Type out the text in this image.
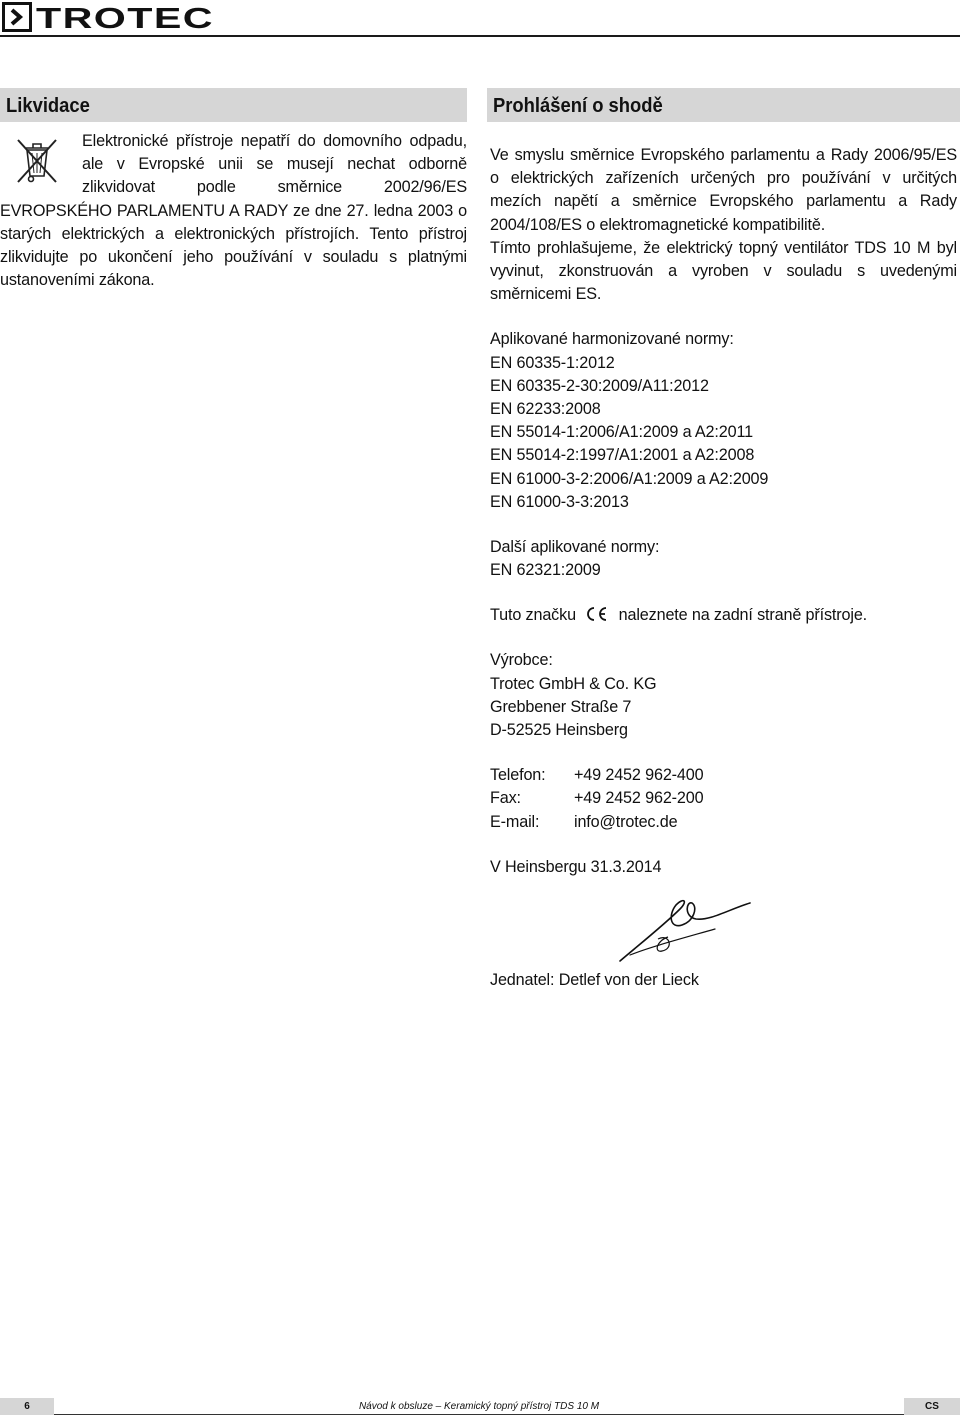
TROTEC
Likvidace

Elektronické přístroje nepatří do domovního odpadu, ale v Evropské unii se musejí nechat odborně zlikvidovat podle směrnice 2002/96/ES EVROPSKÉHO PARLAMENTU A RADY ze dne 27. ledna 2003 o starých elektrických a elektronických přístrojích. Tento přístroj zlikvidujte po ukončení jeho používání v souladu s platnými ustanoveními zákona.

Prohlášení o shodě

Ve smyslu směrnice Evropského parlamentu a Rady 2006/95/ES o elektrických zařízeních určených pro používání v určitých mezích napětí a směrnice Evropského parlamentu a Rady 2004/108/ES o elektromagnetické kompatibilitě.

Tímto prohlašujeme, že elektrický topný ventilátor TDS 10 M byl vyvinut, zkonstruován a vyroben v souladu s uvedenými směrnicemi ES.

Aplikované harmonizované normy:
EN 60335-1:2012
EN 60335-2-30:2009/A11:2012
EN 62233:2008
EN 55014-1:2006/A1:2009 a A2:2011
EN 55014-2:1997/A1:2001 a A2:2008
EN 61000-3-2:2006/A1:2009 a A2:2009
EN 61000-3-3:2013
Další aplikované normy:
EN 62321:2009
Tuto značku	naleznete na zadní straně přístroje.
Výrobce:
Trotec GmbH & Co. KG
Grebbener Straße 7
D-52525 Heinsberg
Telefon: +49 2452 962-400
Fax:	+49 2452 962-200
E-mail: info@trotec.de
V Heinsbergu 31.3.2014
Jednatel: Detlef von der Lieck
6	Návod k obsluze – Keramický topný přístroj TDS 10 M	CS
